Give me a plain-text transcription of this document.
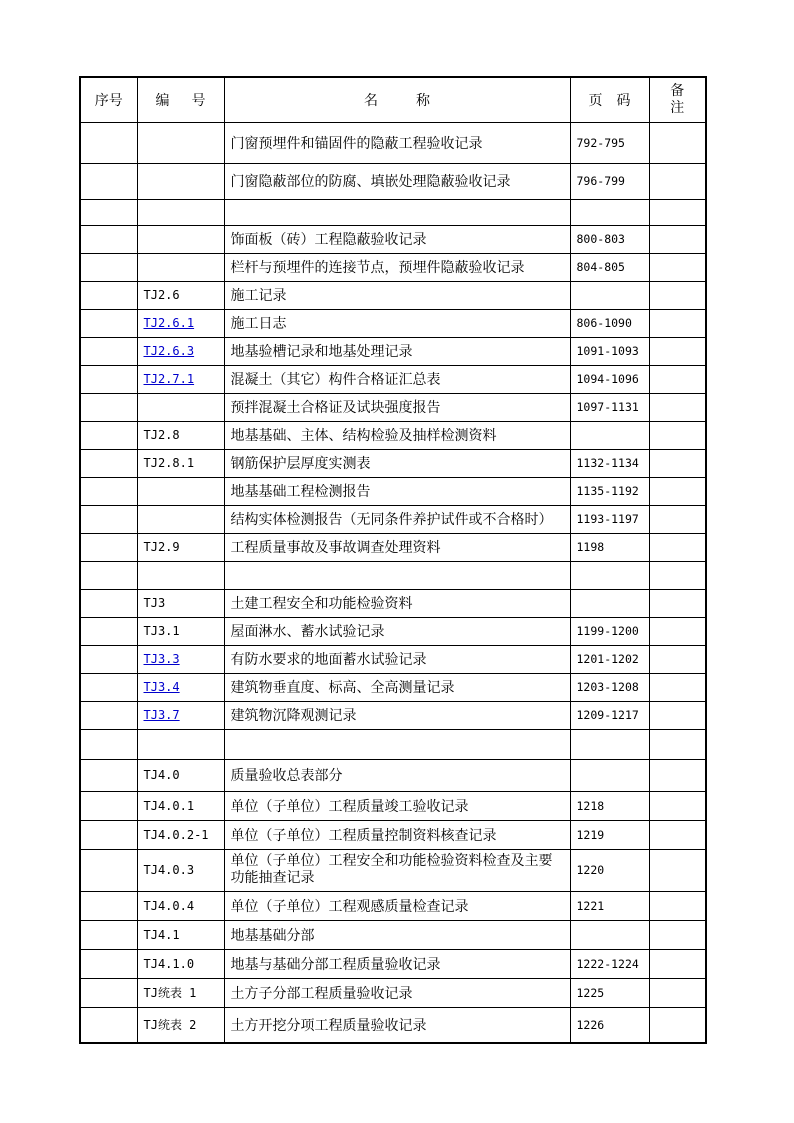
序号	编 号	名 称	页 码	备
注

		门窗预埋件和锚固件的隐蔽工程验收记录	792-795	
		门窗隐蔽部位的防腐、填嵌处理隐蔽验收记录	796-799	

		饰面板（砖）工程隐蔽验收记录	800-803	
		栏杆与预埋件的连接节点，预埋件隐蔽验收记录	804-805	
	TJ2.6	施工记录		
	TJ2.6.1	施工日志	806-1090	
	TJ2.6.3	地基验槽记录和地基处理记录	1091-1093	
	TJ2.7.1	混凝土（其它）构件合格证汇总表	1094-1096	
		预拌混凝土合格证及试块强度报告	1097-1131	
	TJ2.8	地基基础、主体、结构检验及抽样检测资料		
	TJ2.8.1	钢筋保护层厚度实测表	1132-1134	
		地基基础工程检测报告	1135-1192	
		结构实体检测报告（无同条件养护试件或不合格时）	1193-1197	
	TJ2.9	工程质量事故及事故调查处理资料	1198	

	TJ3	土建工程安全和功能检验资料		
	TJ3.1	屋面淋水、蓄水试验记录	1199-1200	
	TJ3.3	有防水要求的地面蓄水试验记录	1201-1202	
	TJ3.4	建筑物垂直度、标高、全高测量记录	1203-1208	
	TJ3.7	建筑物沉降观测记录	1209-1217	

	TJ4.0	质量验收总表部分		
	TJ4.0.1	单位（子单位）工程质量竣工验收记录	1218	
	TJ4.0.2-1	单位（子单位）工程质量控制资料核查记录	1219	
	TJ4.0.3	单位（子单位）工程安全和功能检验资料检查及主要功能抽查记录	1220	
	TJ4.0.4	单位（子单位）工程观感质量检查记录	1221	
	TJ4.1	地基基础分部		
	TJ4.1.0	地基与基础分部工程质量验收记录	1222-1224	
	TJ统表 1	土方子分部工程质量验收记录	1225	
	TJ统表 2	土方开挖分项工程质量验收记录	1226	
